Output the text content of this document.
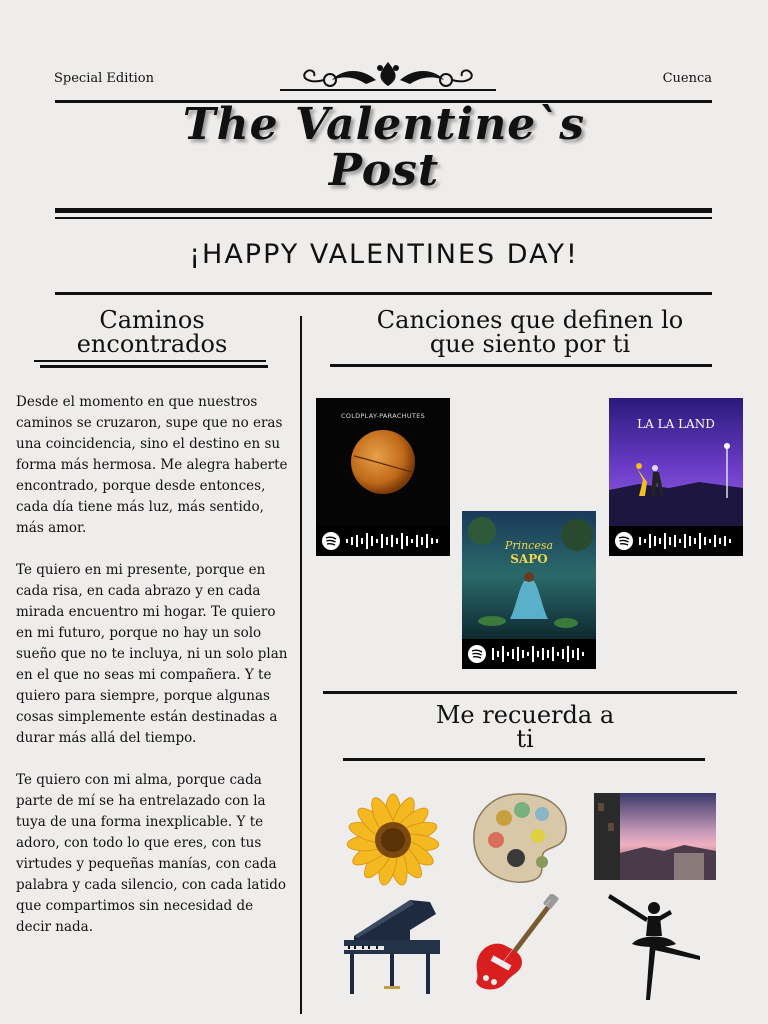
Special Edition	Cuenca
The Valentine`s
Post
¡HAPPY VALENTINES DAY!
Caminos
encontrados

Desde el momento en que nuestros caminos se cruzaron, supe que no eras una coincidencia, sino el destino en su forma más hermosa. Me alegra haberte encontrado, porque desde entonces, cada día tiene más luz, más sentido, más amor.

Te quiero en mi presente, porque en cada risa, en cada abrazo y en cada mirada encuentro mi hogar. Te quiero en mi futuro, porque no hay un solo sueño que no te incluya, ni un solo plan en el que no seas mi compañera. Y te quiero para siempre, porque algunas cosas simplemente están destinadas a durar más allá del tiempo.

Te quiero con mi alma, porque cada parte de mí se ha entrelazado con la tuya de una forma inexplicable. Y te adoro, con todo lo que eres, con tus virtudes y pequeñas manías, con cada palabra y cada silencio, con cada latido que compartimos sin necesidad de decir nada.

Canciones que definen lo
que siento por ti
COLDPLAY-PARACHUTES
LA LA LAND
Princesa
SAPO
Me recuerda a
ti
